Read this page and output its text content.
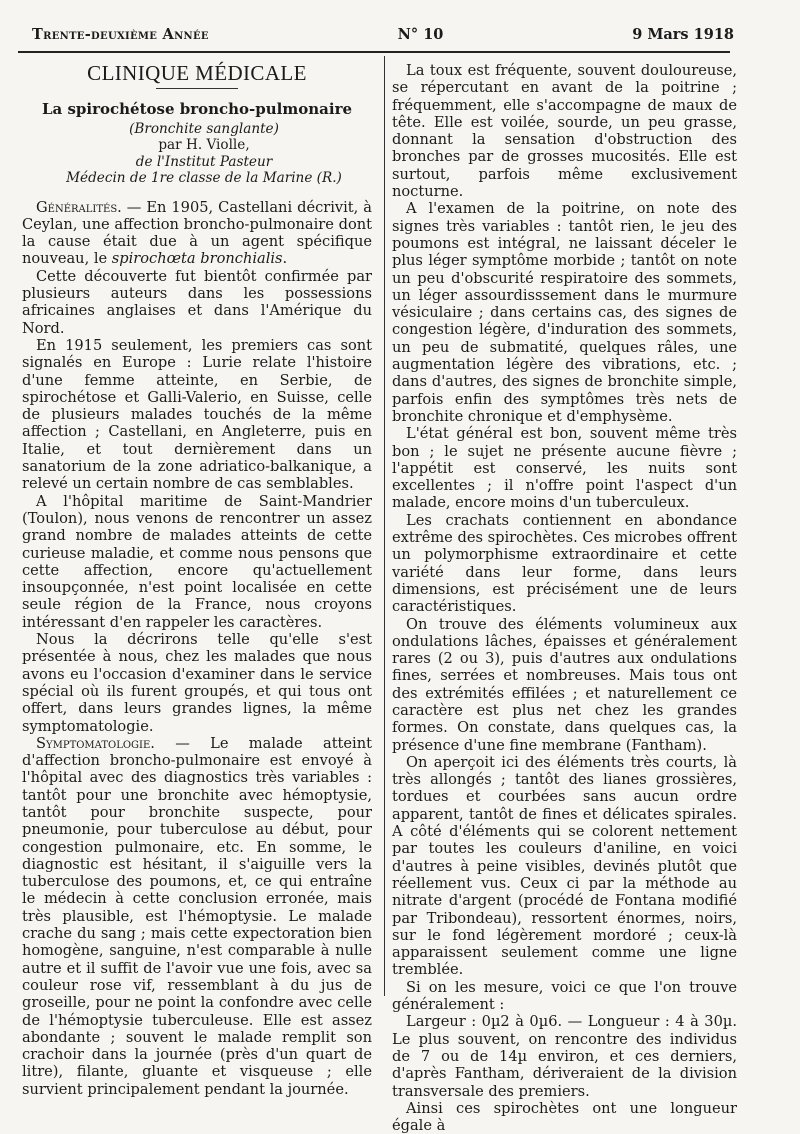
Trente-deuxième Année	N° 10	9 Mars 1918
CLINIQUE MÉDICALE
La spirochétose broncho-pulmonaire

(Bronchite sanglante)

par H. Violle,

de l'Institut Pasteur

Médecin de 1re classe de la Marine (R.)

Généralités. — En 1905, Castellani décrivit, à Ceylan, une affection broncho-pulmonaire dont la cause était due à un agent spécifique nouveau, le spirochœta bronchialis.

Cette découverte fut bientôt confirmée par plusieurs auteurs dans les possessions africaines anglaises et dans l'Amérique du Nord.

En 1915 seulement, les premiers cas sont signalés en Europe : Lurie relate l'histoire d'une femme atteinte, en Serbie, de spirochétose et Galli-Valerio, en Suisse, celle de plusieurs malades touchés de la même affection ; Castellani, en Angleterre, puis en Italie, et tout dernièrement dans un sanatorium de la zone adriatico-balkanique, a relevé un certain nombre de cas semblables.

A l'hôpital maritime de Saint-Mandrier (Toulon), nous venons de rencontrer un assez grand nombre de malades atteints de cette curieuse maladie, et comme nous pensons que cette affection, encore qu'actuellement insoupçonnée, n'est point localisée en cette seule région de la France, nous croyons intéressant d'en rappeler les caractères.

Nous la décrirons telle qu'elle s'est présentée à nous, chez les malades que nous avons eu l'occasion d'examiner dans le service spécial où ils furent groupés, et qui tous ont offert, dans leurs grandes lignes, la même symptomatologie.

Symptomatologie. — Le malade atteint d'affection broncho-pulmonaire est envoyé à l'hôpital avec des diagnostics très variables : tantôt pour une bronchite avec hémoptysie, tantôt pour bronchite suspecte, pour pneumonie, pour tuberculose au début, pour congestion pulmonaire, etc. En somme, le diagnostic est hésitant, il s'aiguille vers la tuberculose des poumons, et, ce qui entraîne le médecin à cette conclusion erronée, mais très plausible, est l'hémoptysie. Le malade crache du sang ; mais cette expectoration bien homogène, sanguine, n'est comparable à nulle autre et il suffit de l'avoir vue une fois, avec sa couleur rose vif, ressemblant à du jus de groseille, pour ne point la confondre avec celle de l'hémoptysie tuberculeuse. Elle est assez abondante ; souvent le malade remplit son crachoir dans la journée (près d'un quart de litre), filante, gluante et visqueuse ; elle survient principalement pendant la journée.

La toux est fréquente, souvent douloureuse, se répercutant en avant de la poitrine ; fréquemment, elle s'accompagne de maux de tête. Elle est voilée, sourde, un peu grasse, donnant la sensation d'obstruction des bronches par de grosses mucosités. Elle est surtout, parfois même exclusivement nocturne.

A l'examen de la poitrine, on note des signes très variables : tantôt rien, le jeu des poumons est intégral, ne laissant déceler le plus léger symptôme morbide ; tantôt on note un peu d'obscurité respiratoire des sommets, un léger assourdisssement dans le murmure vésiculaire ; dans certains cas, des signes de congestion légère, d'induration des sommets, un peu de submatité, quelques râles, une augmentation légère des vibrations, etc. ; dans d'autres, des signes de bronchite simple, parfois enfin des symptômes très nets de bronchite chronique et d'emphysème.

L'état général est bon, souvent même très bon ; le sujet ne présente aucune fièvre ; l'appétit est conservé, les nuits sont excellentes ; il n'offre point l'aspect d'un malade, encore moins d'un tuberculeux.

Les crachats contiennent en abondance extrême des spirochètes. Ces microbes offrent un polymorphisme extraordinaire et cette variété dans leur forme, dans leurs dimensions, est précisément une de leurs caractéristiques.

On trouve des éléments volumineux aux ondulations lâches, épaisses et généralement rares (2 ou 3), puis d'autres aux ondulations fines, serrées et nombreuses. Mais tous ont des extrémités effilées ; et naturellement ce caractère est plus net chez les grandes formes. On constate, dans quelques cas, la présence d'une fine membrane (Fantham).

On aperçoit ici des éléments très courts, là très allongés ; tantôt des lianes grossières, tordues et courbées sans aucun ordre apparent, tantôt de fines et délicates spirales. A côté d'éléments qui se colorent nettement par toutes les couleurs d'aniline, en voici d'autres à peine visibles, devinés plutôt que réellement vus. Ceux ci par la méthode au nitrate d'argent (procédé de Fontana modifié par Tribondeau), ressortent énormes, noirs, sur le fond légèrement mordoré ; ceux-là apparaissent seulement comme une ligne tremblée.

Si on les mesure, voici ce que l'on trouve généralement :

Largeur : 0µ2 à 0µ6. — Longueur : 4 à 30µ. Le plus souvent, on rencontre des individus de 7 ou de 14µ environ, et ces derniers, d'après Fantham, dériveraient de la division transversale des premiers.

Ainsi ces spirochètes ont une longueur égale à
